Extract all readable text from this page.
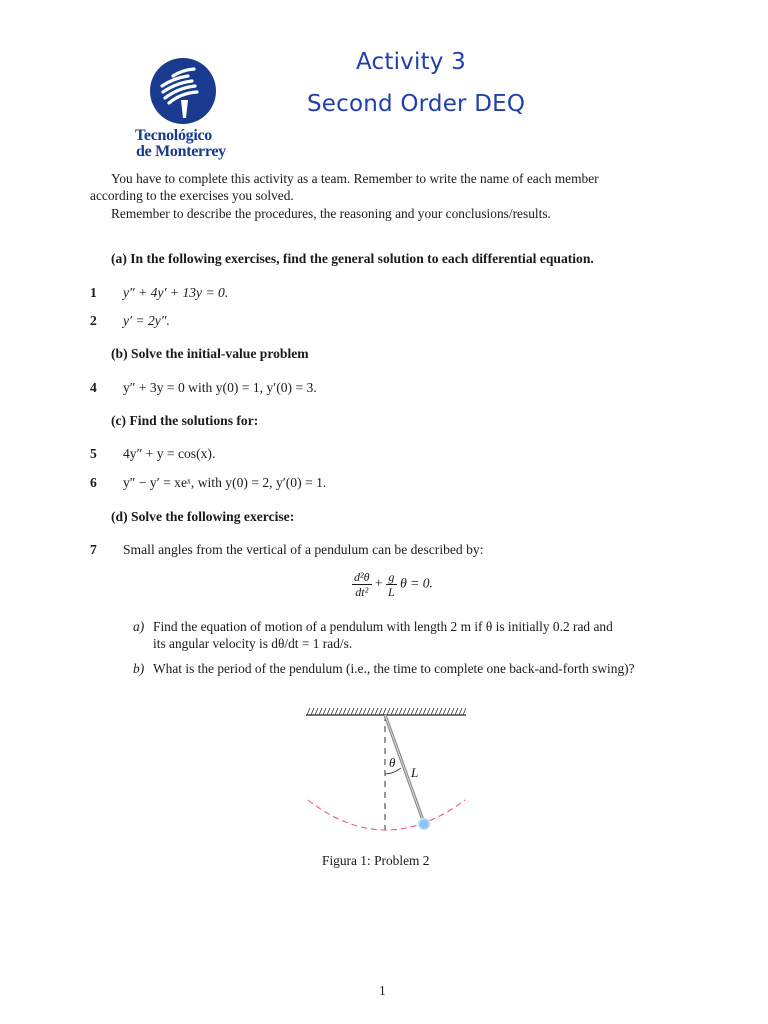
Tecnológico
de Monterrey
Activity 3
Second Order DEQ
You have to complete this activity as a team. Remember to write the name of each member
according to the exercises you solved.
Remember to describe the procedures, the reasoning and your conclusions/results.
(a) In the following exercises, find the general solution to each differential equation.
1	y″ + 4y′ + 13y = 0.
2	y′ = 2y″.
(b) Solve the initial-value problem
4	y″ + 3y = 0 with y(0) = 1, y′(0) = 3.
(c) Find the solutions for:
5	4y″ + y = cos(x).
6	y″ − y′ = xeˣ, with y(0) = 2, y′(0) = 1.
(d) Solve the following exercise:
7	Small angles from the vertical of a pendulum can be described by:
$\frac{\text{d²θ}}{\text{dt²}} + \frac{g}{L}$ θ = 0.
a) Find the equation of motion of a pendulum with length 2 m if θ is initially 0.2 rad and
its angular velocity is dθ/dt = 1 rad/s.
b) What is the period of the pendulum (i.e., the time to complete one back-and-forth swing)?
θ
L
Figura 1: Problem 2
1
